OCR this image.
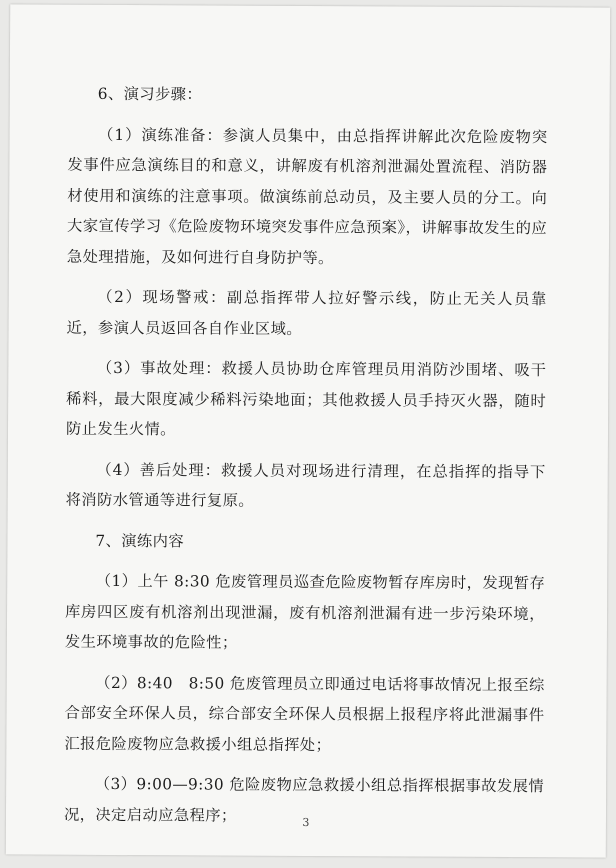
6、演习步骤：

（1）演练准备：参演人员集中，由总指挥讲解此次危险废物突发事件应急演练目的和意义，讲解废有机溶剂泄漏处置流程、消防器材使用和演练的注意事项。做演练前总动员，及主要人员的分工。向大家宣传学习《危险废物环境突发事件应急预案》，讲解事故发生的应急处理措施，及如何进行自身防护等。

（2）现场警戒：副总指挥带人拉好警示线，防止无关人员靠近，参演人员返回各自作业区域。

（3）事故处理：救援人员协助仓库管理员用消防沙围堵、吸干稀料，最大限度减少稀料污染地面；其他救援人员手持灭火器，随时防止发生火情。

（4）善后处理：救援人员对现场进行清理，在总指挥的指导下将消防水管通等进行复原。

7、演练内容

（1）上午 8:30 危废管理员巡查危险废物暂存库房时，发现暂存库房四区废有机溶剂出现泄漏，废有机溶剂泄漏有进一步污染环境，发生环境事故的危险性；

（2）8:40　8:50 危废管理员立即通过电话将事故情况上报至综合部安全环保人员，综合部安全环保人员根据上报程序将此泄漏事件汇报危险废物应急救援小组总指挥处；

（3）9:00—9:30 危险废物应急救援小组总指挥根据事故发展情况，决定启动应急程序；	3
